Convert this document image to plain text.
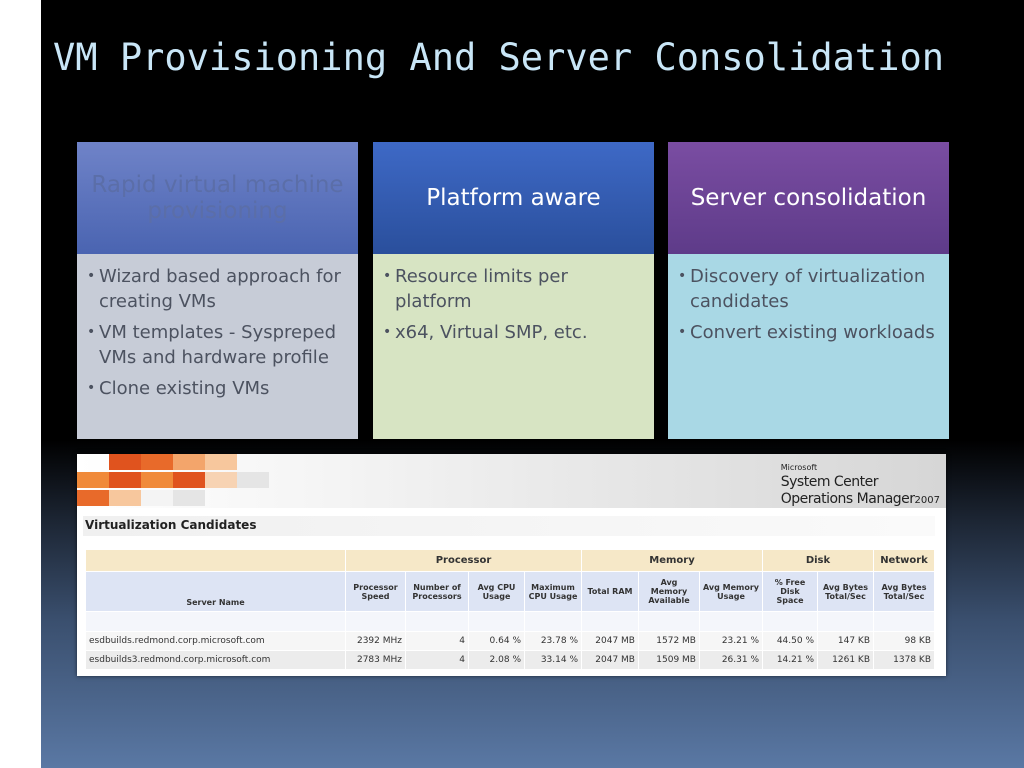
VM Provisioning And Server Consolidation
Rapid virtual machine provisioning
• Wizard based approach for creating VMs
• VM templates - Syspreped VMs and hardware profile
• Clone existing VMs
Platform aware
• Resource limits per platform
• x64, Virtual SMP, etc.
Server consolidation
• Discovery of virtualization candidates
• Convert existing workloads
Microsoft
System Center
Operations Manager2007
Virtualization Candidates
	Processor				Memory			Disk		Network
Server Name	Processor Speed	Number of Processors	Avg CPU Usage	Maximum CPU Usage	Total RAM	Avg Memory Available	Avg Memory Usage	% Free Disk Space	Avg Bytes Total/Sec	Avg Bytes Total/Sec

esdbuilds.redmond.corp.microsoft.com	2392 MHz	4	0.64 %	23.78 %	2047 MB	1572 MB	23.21 %	44.50 %	147 KB	98 KB
esdbuilds3.redmond.corp.microsoft.com	2783 MHz	4	2.08 %	33.14 %	2047 MB	1509 MB	26.31 %	14.21 %	1261 KB	1378 KB
